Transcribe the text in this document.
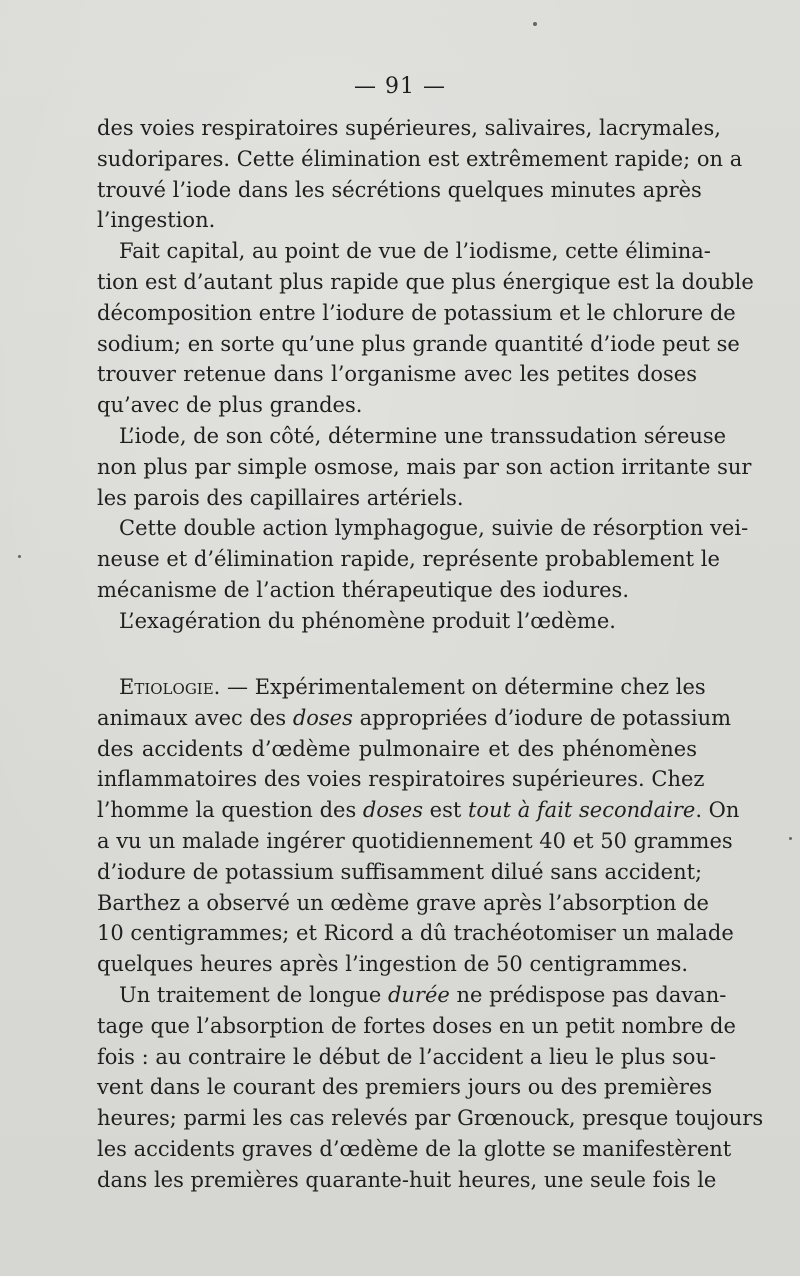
— 91 —
des voies respiratoires supérieures, salivaires, lacrymales,
sudoripares. Cette élimination est extrêmement rapide; on a
trouvé l’iode dans les sécrétions quelques minutes après
l’ingestion.
Fait capital, au point de vue de l’iodisme, cette élimina-
tion est d’autant plus rapide que plus énergique est la double
décomposition entre l’iodure de potassium et le chlorure de
sodium; en sorte qu’une plus grande quantité d’iode peut se
trouver retenue dans l’organisme avec les petites doses
qu’avec de plus grandes.
L’iode, de son côté, détermine une transsudation séreuse
non plus par simple osmose, mais par son action irritante sur
les parois des capillaires artériels.
Cette double action lymphagogue, suivie de résorption vei-
neuse et d’élimination rapide, représente probablement le
mécanisme de l’action thérapeutique des iodures.
L’exagération du phénomène produit l’œdème.
Etiologie. — Expérimentalement on détermine chez les
animaux avec des doses appropriées d’iodure de potassium
des accidents d’œdème pulmonaire et des phénomènes
inflammatoires des voies respiratoires supérieures. Chez
l’homme la question des doses est tout à fait secondaire. On
a vu un malade ingérer quotidiennement 40 et 50 grammes
d’iodure de potassium suffisamment dilué sans accident;
Barthez a observé un œdème grave après l’absorption de
10 centigrammes; et Ricord a dû trachéotomiser un malade
quelques heures après l’ingestion de 50 centigrammes.
Un traitement de longue durée ne prédispose pas davan-
tage que l’absorption de fortes doses en un petit nombre de
fois : au contraire le début de l’accident a lieu le plus sou-
vent dans le courant des premiers jours ou des premières
heures; parmi les cas relevés par Grœnouck, presque toujours
les accidents graves d’œdème de la glotte se manifestèrent
dans les premières quarante-huit heures, une seule fois le
